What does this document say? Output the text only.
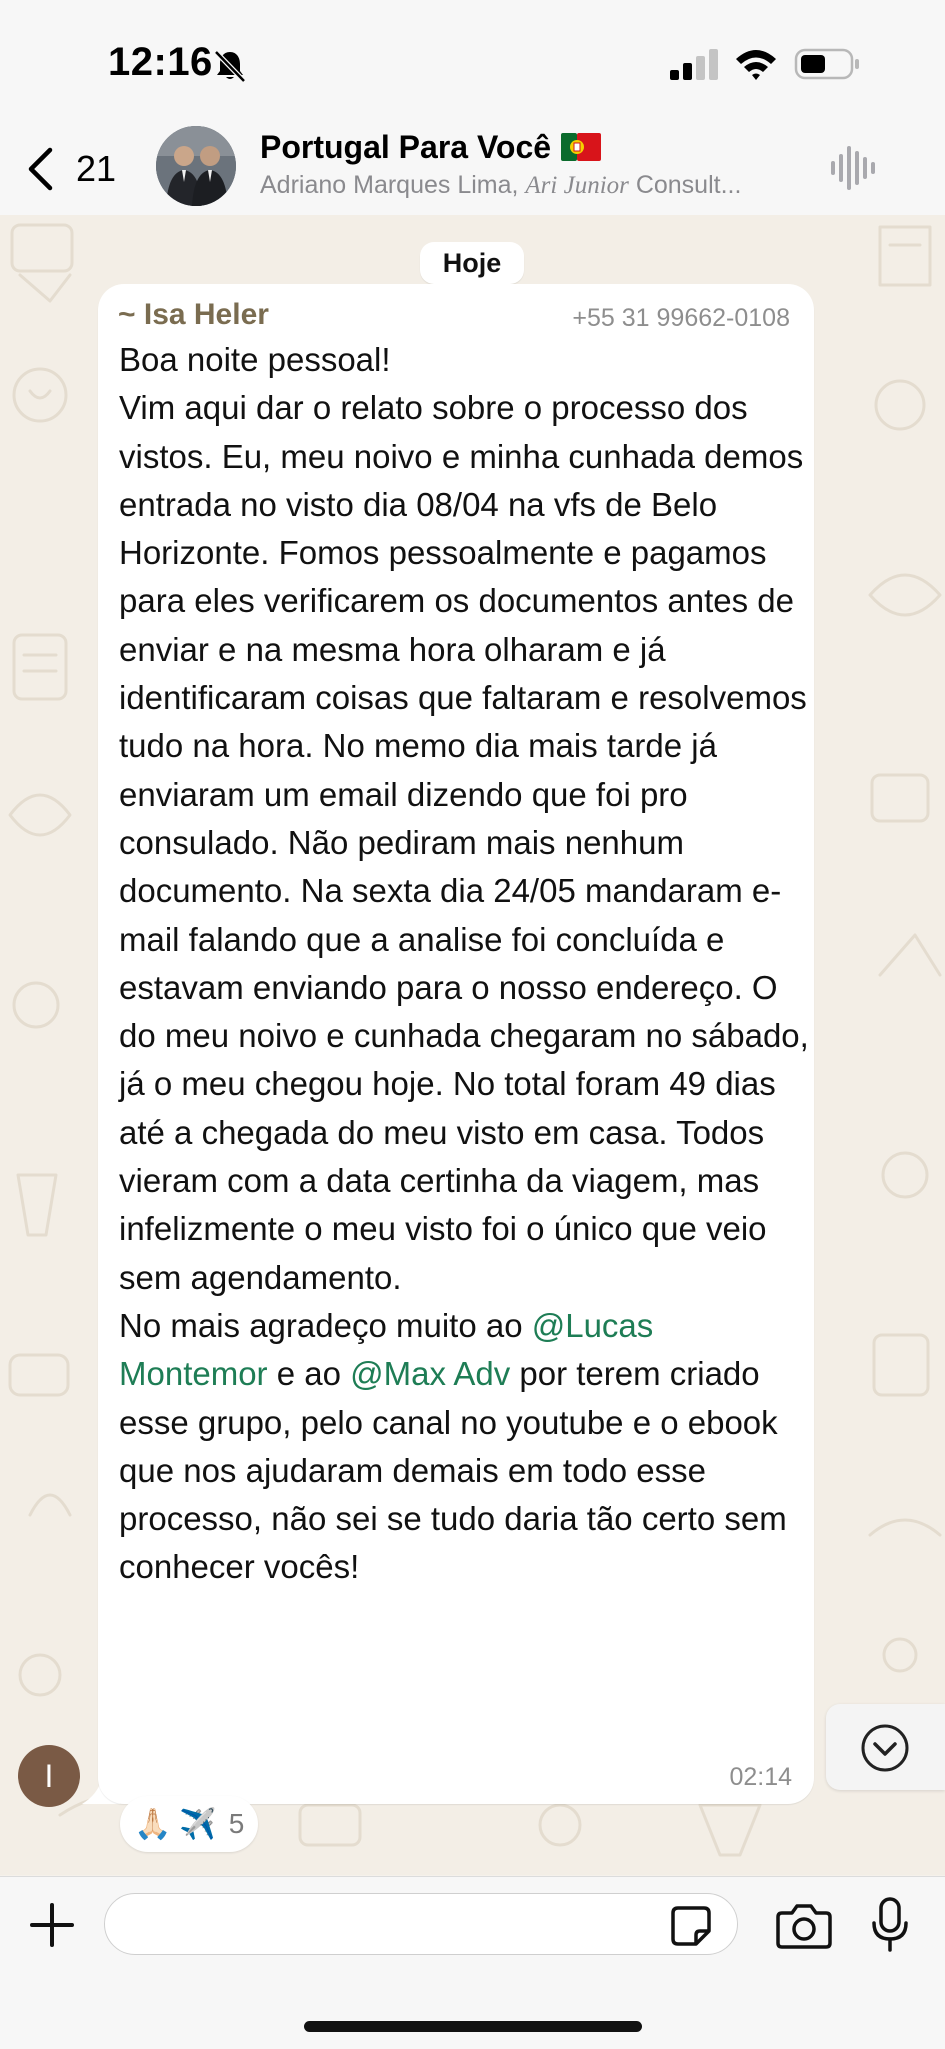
12:16
21
Portugal Para Você
Adriano Marques Lima, Ari Junior Consult...
Hoje
~ Isa Heler	+55 31 99662-0108

Boa noite pessoal!

Vim aqui dar o relato sobre o processo dos vistos. Eu, meu noivo e minha cunhada demos entrada no visto dia 08/04 na vfs de Belo Horizonte. Fomos pessoalmente e pagamos para eles verificarem os documentos antes de enviar e na mesma hora olharam e já identificaram coisas que faltaram e resolvemos tudo na hora. No memo dia mais tarde já enviaram um email dizendo que foi pro consulado. Não pediram mais nenhum documento. Na sexta dia 24/05 mandaram e-mail falando que a analise foi concluída e estavam enviando para o nosso endereço. O do meu noivo e cunhada chegaram no sábado, já o meu chegou hoje. No total foram 49 dias até a chegada do meu visto em casa. Todos vieram com a data certinha da viagem, mas infelizmente o meu visto foi o único que veio sem agendamento.

No mais agradeço muito ao @Lucas Montemor e ao @Max Adv por terem criado esse grupo, pelo canal no youtube e o ebook que nos ajudaram demais em todo esse processo, não sei se tudo daria tão certo sem conhecer vocês!

02:14
I
🙏🏻 ✈️ 5
